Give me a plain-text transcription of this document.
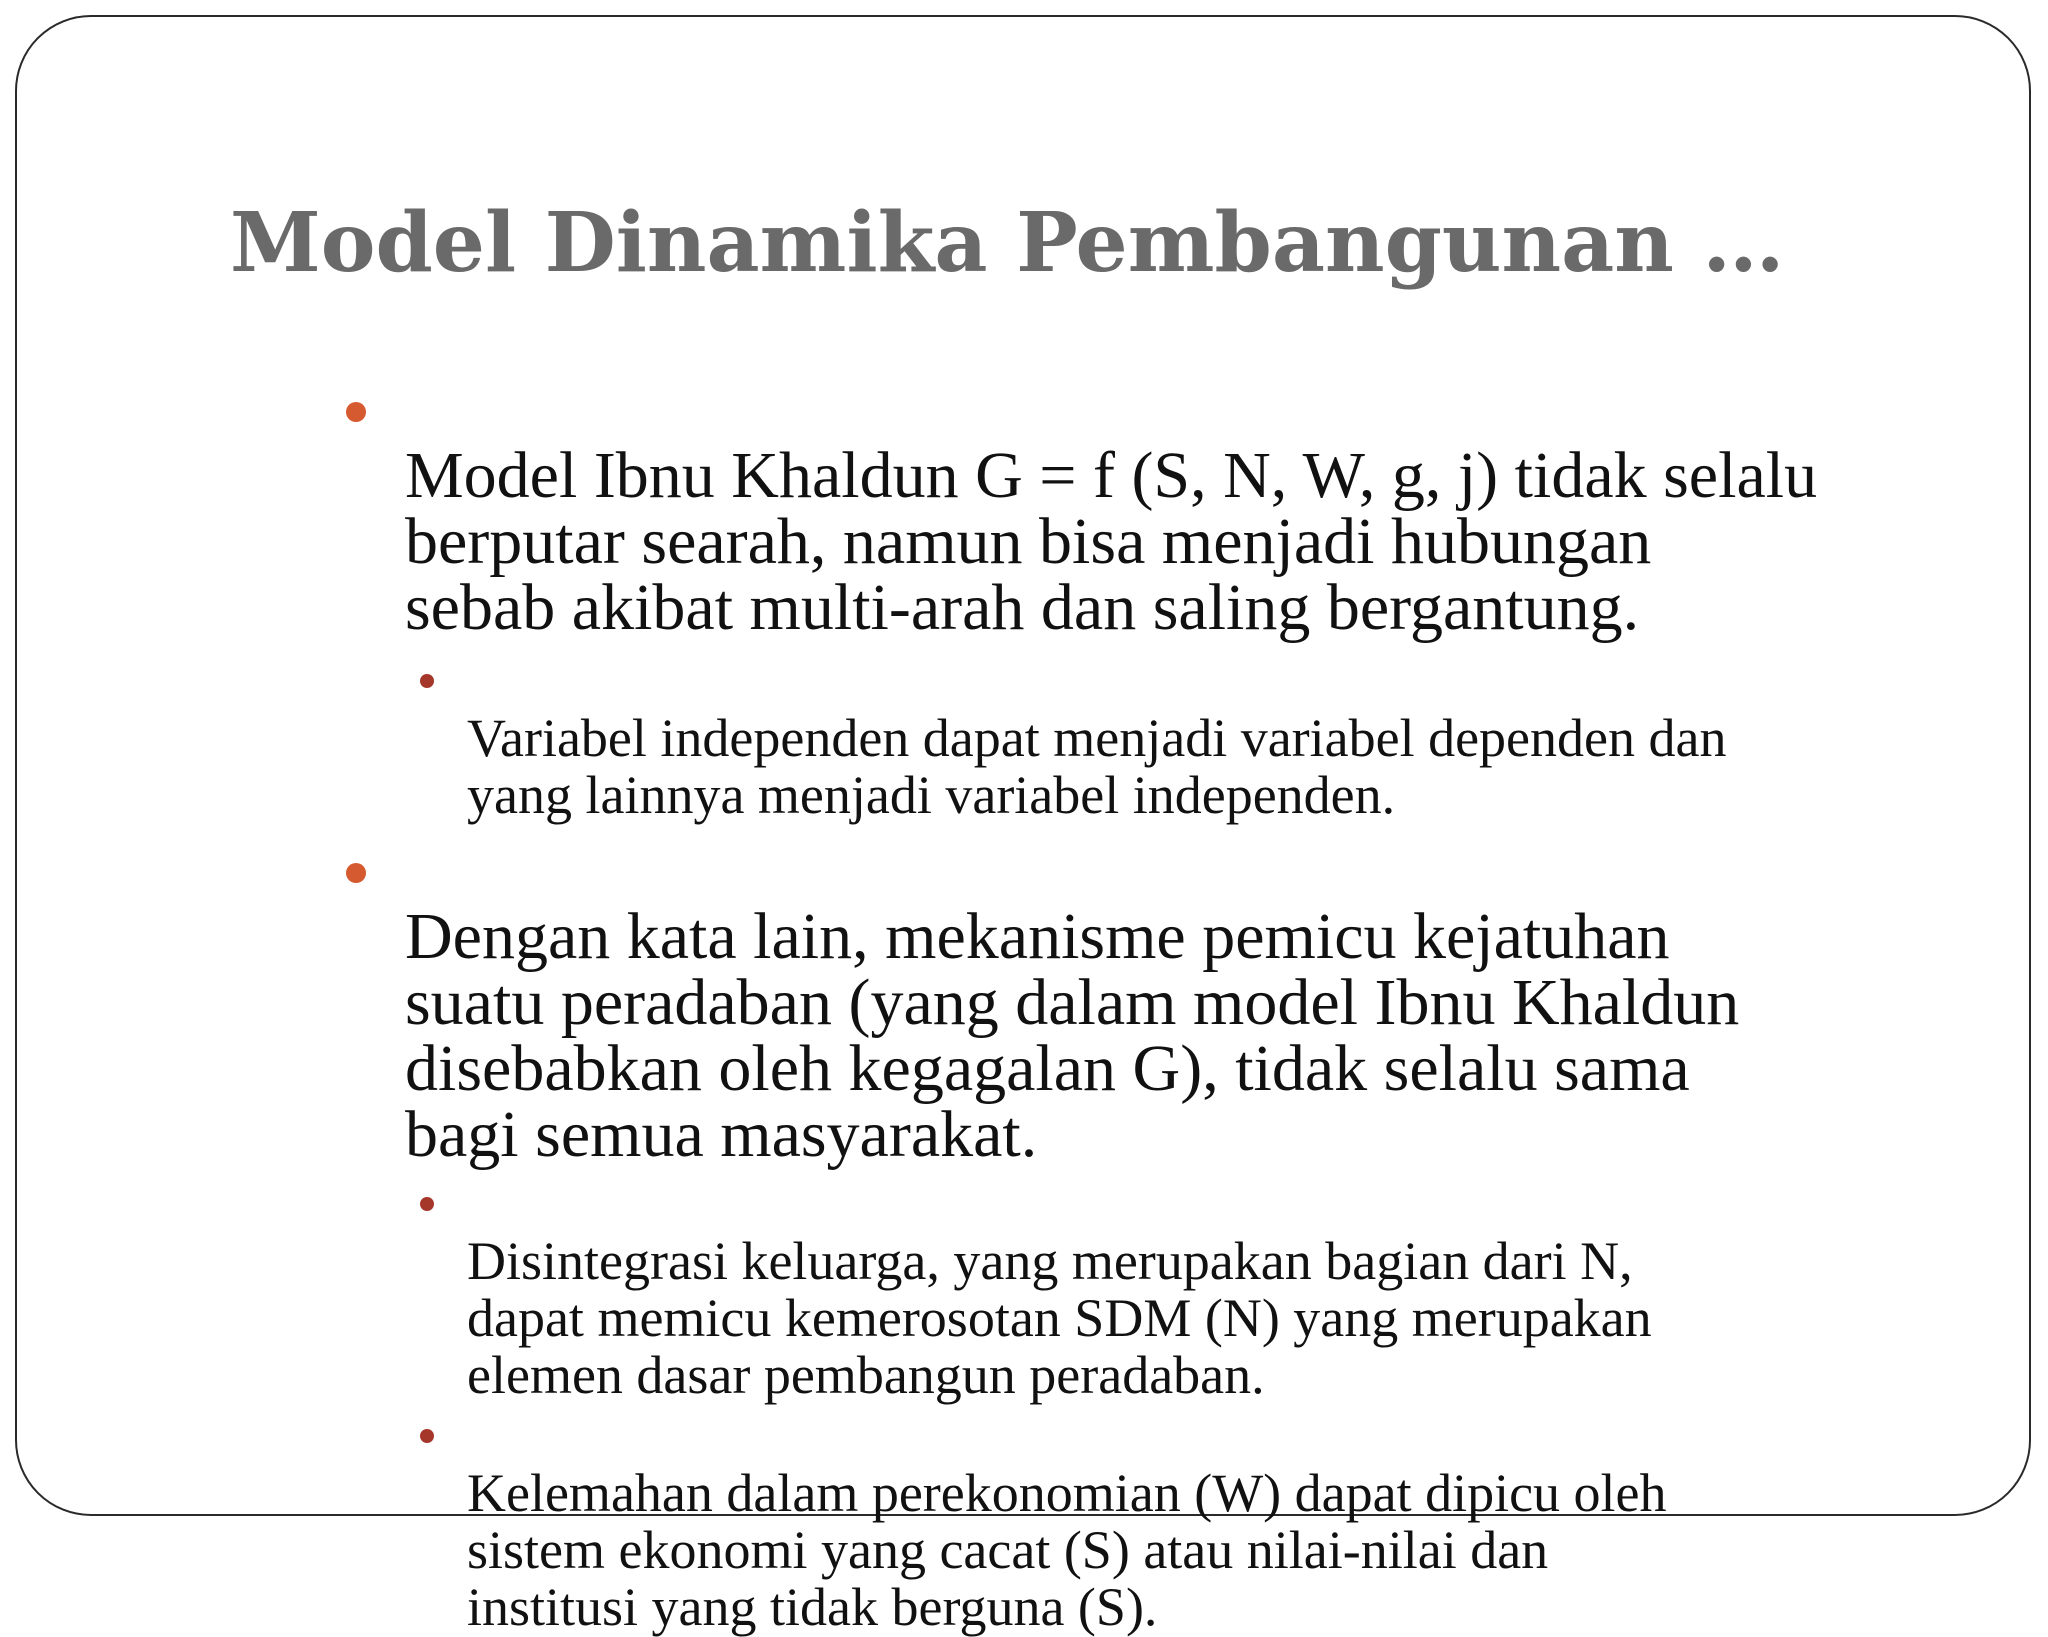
Model Dinamika Pembangunan …

Model Ibnu Khaldun G = f (S, N, W, g, j) tidak selalu
berputar searah, namun bisa menjadi hubungan
sebab akibat multi-arah dan saling bergantung.

Variabel independen dapat menjadi variabel dependen dan
yang lainnya menjadi variabel independen.

Dengan kata lain, mekanisme pemicu kejatuhan
suatu peradaban (yang dalam model Ibnu Khaldun
disebabkan oleh kegagalan G), tidak selalu sama
bagi semua masyarakat.

Disintegrasi keluarga, yang merupakan bagian dari N,
dapat memicu kemerosotan SDM (N) yang merupakan
elemen dasar pembangun peradaban.

Kelemahan dalam perekonomian (W) dapat dipicu oleh
sistem ekonomi yang cacat (S) atau nilai-nilai dan
institusi yang tidak berguna (S).
